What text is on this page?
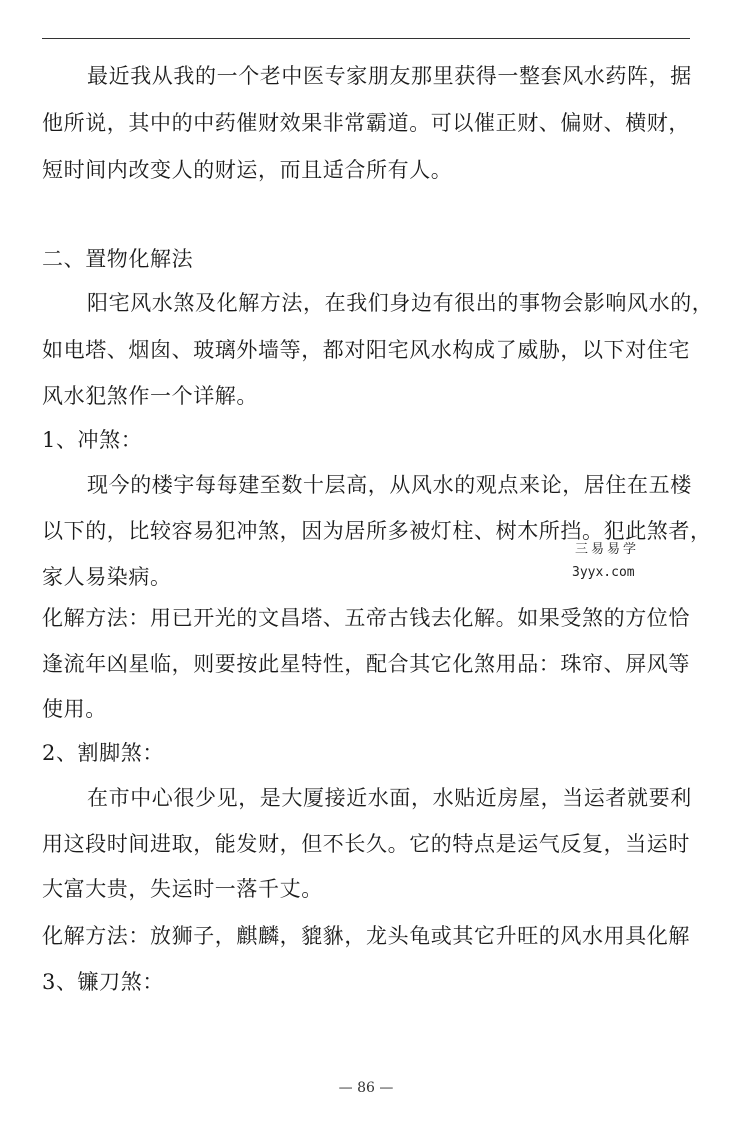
最近我从我的一个老中医专家朋友那里获得一整套风水药阵，据
他所说，其中的中药催财效果非常霸道。可以催正财、偏财、横财，
短时间内改变人的财运，而且适合所有人。
二、置物化解法
阳宅风水煞及化解方法，在我们身边有很出的事物会影响风水的，
如电塔、烟囱、玻璃外墙等，都对阳宅风水构成了威胁，以下对住宅
风水犯煞作一个详解。
1、冲煞：
现今的楼宇每每建至数十层高，从风水的观点来论，居住在五楼
以下的，比较容易犯冲煞，因为居所多被灯柱、树木所挡。犯此煞者，
家人易染病。
化解方法：用已开光的文昌塔、五帝古钱去化解。如果受煞的方位恰
逢流年凶星临，则要按此星特性，配合其它化煞用品：珠帘、屏风等
使用。
2、割脚煞：
在市中心很少见，是大厦接近水面，水贴近房屋，当运者就要利
用这段时间进取，能发财，但不长久。它的特点是运气反复，当运时
大富大贵，失运时一落千丈。
化解方法：放狮子，麒麟，貔貅，龙头龟或其它升旺的风水用具化解
3、镰刀煞：
三易易学
3yyx.com
— 86 —
